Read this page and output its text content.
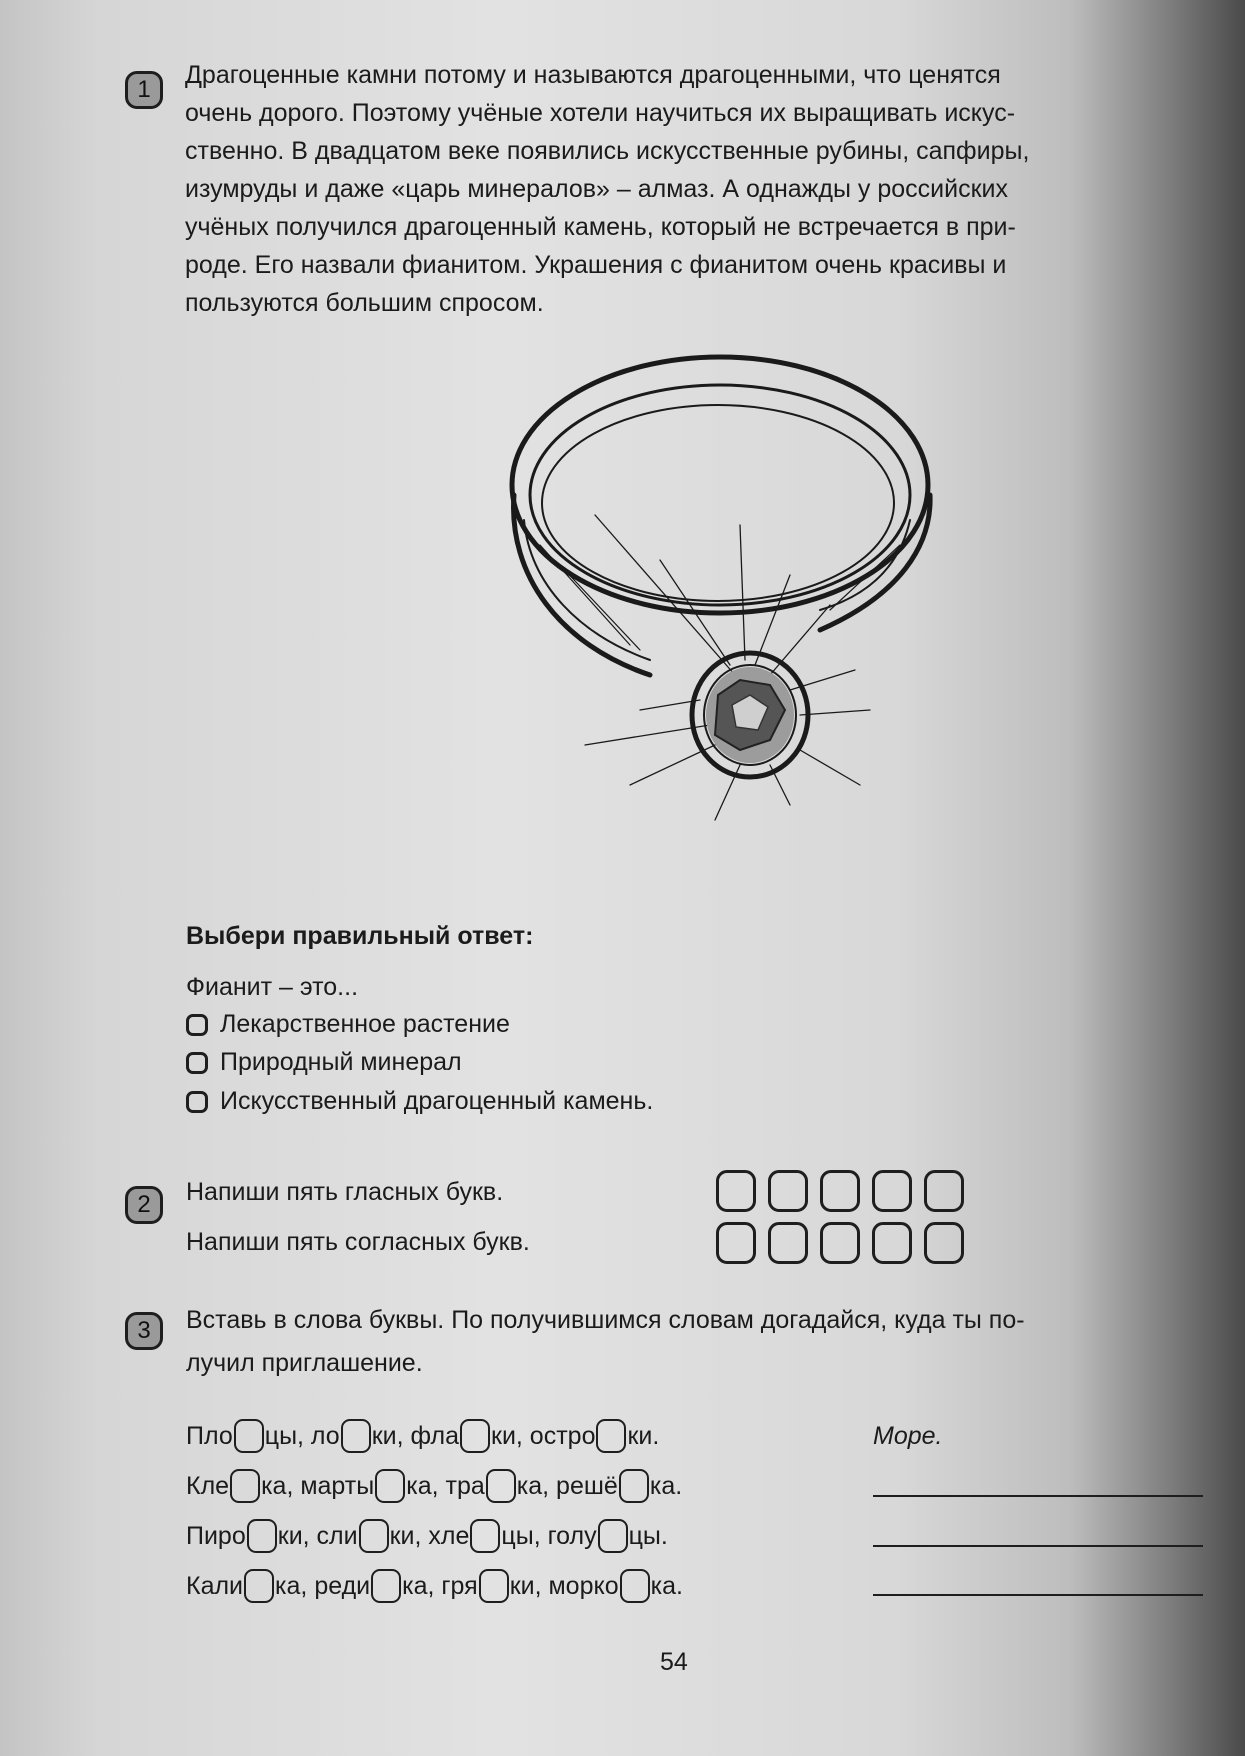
1
Драгоценные камни потому и называются драгоценными, что ценятся
очень дорого. Поэтому учёные хотели научиться их выращивать искус-
ственно. В двадцатом веке появились искусственные рубины, сапфиры,
изумруды и даже «царь минералов» – алмаз. А однажды у российских
учёных получился драгоценный камень, который не встречается в при-
роде. Его назвали фианитом. Украшения с фианитом очень красивы и
пользуются большим спросом.
Выбери правильный ответ:
Фианит – это...
Лекарственное растение
Природный минерал
Искусственный драгоценный камень.
2	Напиши пять гласных букв.
Напиши пять согласных букв.
3	Вставь в слова буквы. По получившимся словам догадайся, куда ты по-
лучил приглашение.
Пло цы, ло ки, фла ки, остро ки.
Кле ка, марты ка, тра ка, решё ка.
Пиро ки, сли ки, хле цы, голу цы.
Кали ка, реди ка, гря ки, морко ка.
Море.
54
